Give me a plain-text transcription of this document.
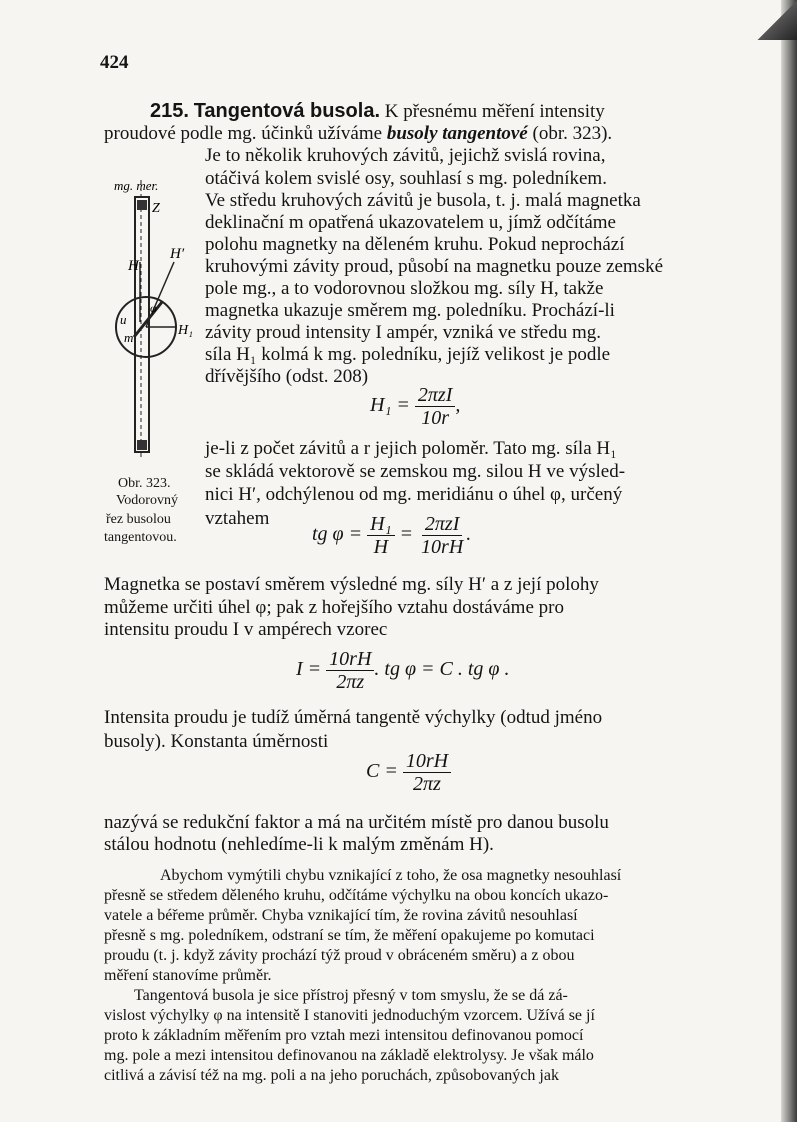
424
215. Tangentová busola. K přesnému měření intensity
proudové podle mg. účinků užíváme busoly tangentové (obr. 323).
mg. mer.
Z
H
H′
H₁
u
m
φ
Je to několik kruhových závitů, jejichž svislá rovina,
otáčivá kolem svislé osy, souhlasí s mg. poledníkem.
Ve středu kruhových závitů je busola, t. j. malá magnetka
deklinační m opatřená ukazovatelem u, jímž odčítáme
polohu magnetky na děleném kruhu. Pokud neprochází
kruhovými závity proud, působí na magnetku pouze zemské
pole mg., a to vodorovnou složkou mg. síly H, takže
magnetka ukazuje směrem mg. poledníku. Prochází-li
závity proud intensity I ampér, vzniká ve středu mg.
síla H₁ kolmá k mg. poledníku, jejíž velikost je podle
dřívějšího (odst. 208)
$H_1 = \frac{\text{2πzI}}{10r}$ ,
je-li z počet závitů a r jejich poloměr. Tato mg. síla H₁
se skládá vektorově se zemskou mg. silou H ve výsled-
nici H′, odchýlenou od mg. meridiánu o úhel φ, určený
vztahem
Obr. 323.
Vodorovný
řez busolou
tangentovou.	tg $\varphi = \frac{\text{H₁}}{H} = \frac{\text{2πzI}}{10rH}$ .
Magnetka se postaví směrem výsledné mg. síly H′ a z její polohy
můžeme určiti úhel φ; pak z hořejšího vztahu dostáváme pro
intensitu proudu I v ampérech vzorec
$I = \frac{10rH}{2\pi z}$ . tg φ = C . tg φ .
Intensita proudu je tudíž úměrná tangentě výchylky (odtud jméno
busoly). Konstanta úměrnosti
$C = \frac{10rH}{2\pi z}$
nazývá se redukční faktor a má na určitém místě pro danou busolu
stálou hodnotu (nehledíme-li k malým změnám H).
Abychom vymýtili chybu vznikající z toho, že osa magnetky nesouhlasí
přesně se středem děleného kruhu, odčítáme výchylku na obou koncích ukazo-
vatele a béřeme průměr. Chyba vznikající tím, že rovina závitů nesouhlasí
přesně s mg. poledníkem, odstraní se tím, že měření opakujeme po komutaci
proudu (t. j. když závity prochází týž proud v obráceném směru) a z obou
měření stanovíme průměr.
Tangentová busola je sice přístroj přesný v tom smyslu, že se dá zá-
vislost výchylky φ na intensitě I stanoviti jednoduchým vzorcem. Užívá se jí
proto k základním měřením pro vztah mezi intensitou definovanou pomocí
mg. pole a mezi intensitou definovanou na základě elektrolysy. Je však málo
citlivá a závisí též na mg. poli a na jeho poruchách, způsobovaných jak
